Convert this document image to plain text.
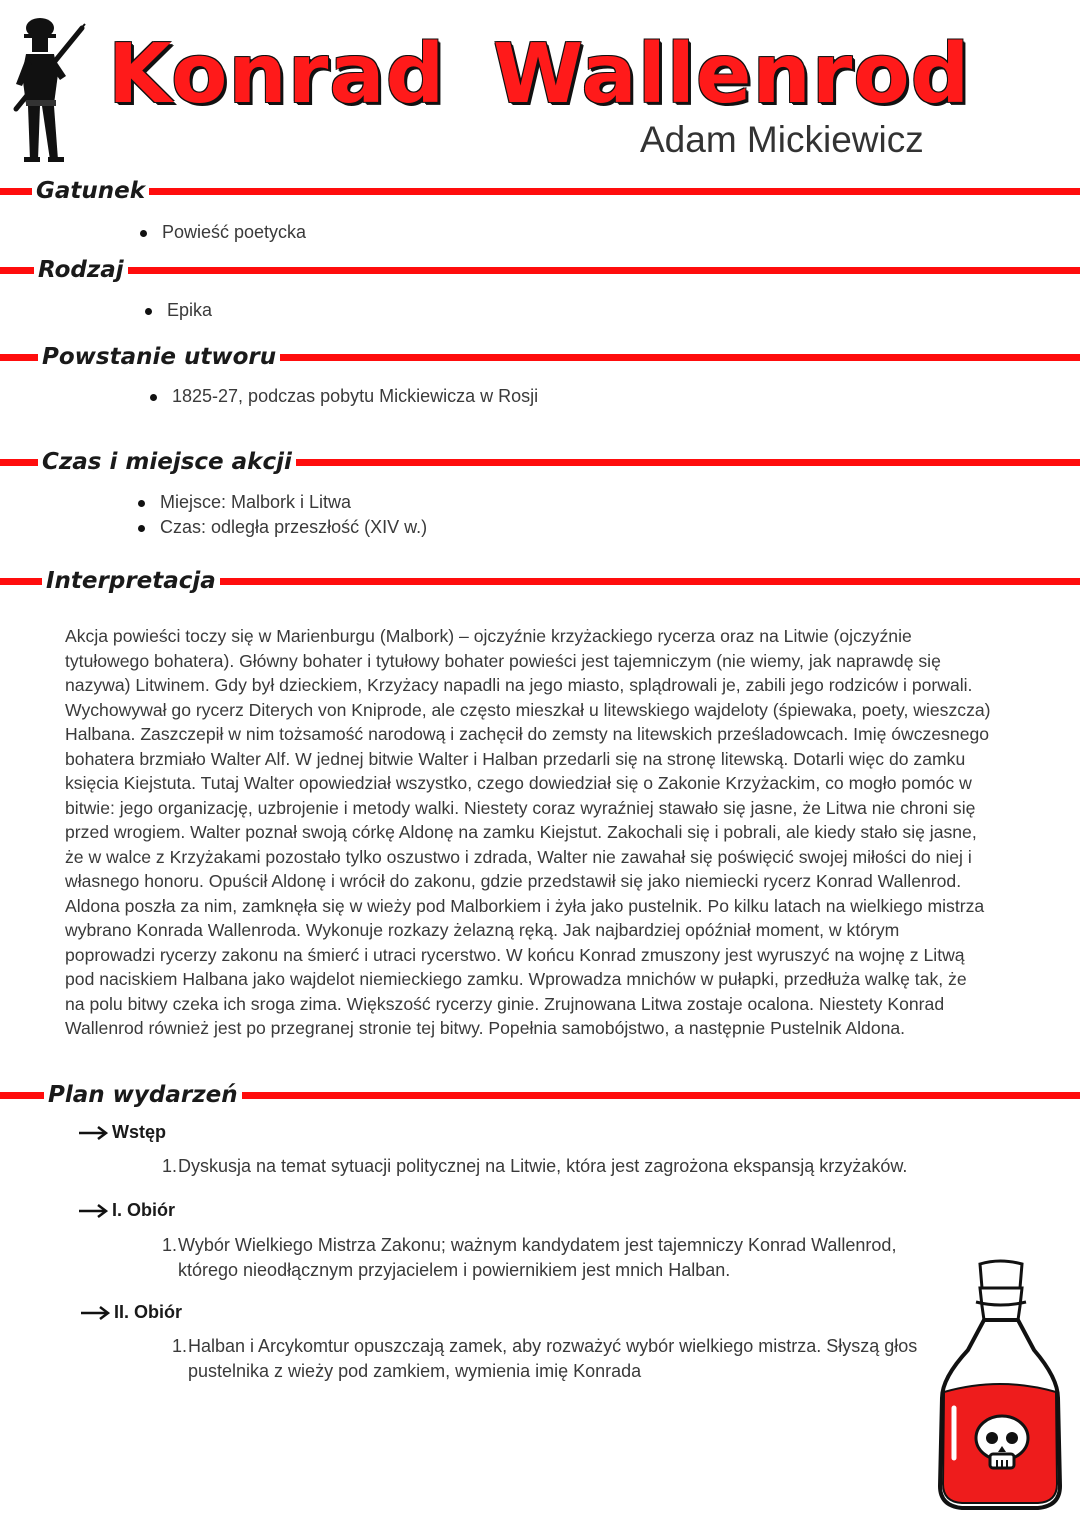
Konrad Wallenrod
Adam Mickiewicz
Gatunek
Powieść poetycka
Rodzaj
Epika
Powstanie utworu
1825-27, podczas pobytu Mickiewicza w Rosji
Czas i miejsce akcji
Miejsce: Malbork i Litwa
Czas: odległa przeszłość (XIV w.)
Interpretacja
Akcja powieści toczy się w Marienburgu (Malbork) – ojczyźnie krzyżackiego rycerza oraz na Litwie (ojczyźnie
tytułowego bohatera). Główny bohater i tytułowy bohater powieści jest tajemniczym (nie wiemy, jak naprawdę się
nazywa) Litwinem. Gdy był dzieckiem, Krzyżacy napadli na jego miasto, splądrowali je, zabili jego rodziców i porwali.
Wychowywał go rycerz Diterych von Kniprode, ale często mieszkał u litewskiego wajdeloty (śpiewaka, poety, wieszcza)
Halbana. Zaszczepił w nim tożsamość narodową i zachęcił do zemsty na litewskich prześladowcach. Imię ówczesnego
bohatera brzmiało Walter Alf. W jednej bitwie Walter i Halban przedarli się na stronę litewską. Dotarli więc do zamku
księcia Kiejstuta. Tutaj Walter opowiedział wszystko, czego dowiedział się o Zakonie Krzyżackim, co mogło pomóc w
bitwie: jego organizację, uzbrojenie i metody walki. Niestety coraz wyraźniej stawało się jasne, że Litwa nie chroni się
przed wrogiem. Walter poznał swoją córkę Aldonę na zamku Kiejstut. Zakochali się i pobrali, ale kiedy stało się jasne,
że w walce z Krzyżakami pozostało tylko oszustwo i zdrada, Walter nie zawahał się poświęcić swojej miłości do niej i
własnego honoru. Opuścił Aldonę i wrócił do zakonu, gdzie przedstawił się jako niemiecki rycerz Konrad Wallenrod.
Aldona poszła za nim, zamknęła się w wieży pod Malborkiem i żyła jako pustelnik. Po kilku latach na wielkiego mistrza
wybrano Konrada Wallenroda. Wykonuje rozkazy żelazną ręką. Jak najbardziej opóźniał moment, w którym
poprowadzi rycerzy zakonu na śmierć i utraci rycerstwo. W końcu Konrad zmuszony jest wyruszyć na wojnę z Litwą
pod naciskiem Halbana jako wajdelot niemieckiego zamku. Wprowadza mnichów w pułapki, przedłuża walkę tak, że
na polu bitwy czeka ich sroga zima. Większość rycerzy ginie. Zrujnowana Litwa zostaje ocalona. Niestety Konrad
Wallenrod również jest po przegranej stronie tej bitwy. Popełnia samobójstwo, a następnie Pustelnik Aldona.
Plan wydarzeń
Wstęp
1.Dyskusja na temat sytuacji politycznej na Litwie, która jest zagrożona ekspansją krzyżaków.
I. Obiór
1.Wybór Wielkiego Mistrza Zakonu; ważnym kandydatem jest tajemniczy Konrad Wallenrod,
którego nieodłącznym przyjacielem i powiernikiem jest mnich Halban.
II. Obiór
1.Halban i Arcykomtur opuszczają zamek, aby rozważyć wybór wielkiego mistrza. Słyszą głos
pustelnika z wieży pod zamkiem, wymienia imię Konrada
